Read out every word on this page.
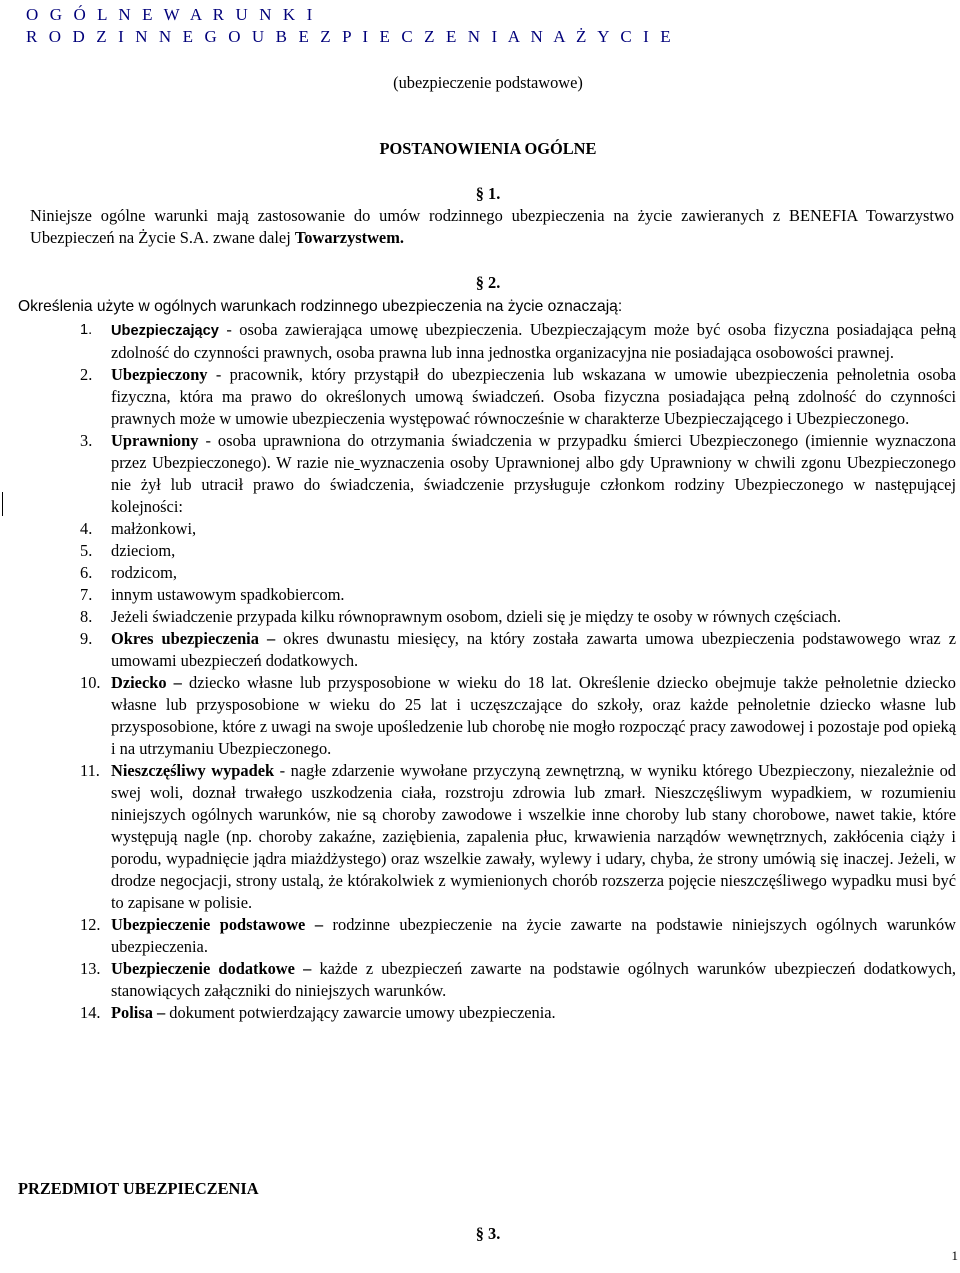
O G Ó L N E W A R U N K I
R O D Z I N N E G O U B E Z P I E C Z E N I A N A Ż Y C I E
(ubezpieczenie podstawowe)
POSTANOWIENIA OGÓLNE
§ 1.
Niniejsze ogólne warunki mają zastosowanie do umów rodzinnego ubezpieczenia na życie zawieranych z BENEFIA Towarzystwo Ubezpieczeń na Życie S.A. zwane dalej Towarzystwem.
§ 2.
Określenia użyte w ogólnych warunkach rodzinnego ubezpieczenia na życie oznaczają:
1. Ubezpieczający - osoba zawierająca umowę ubezpieczenia. Ubezpieczającym może być osoba fizyczna posiadająca pełną zdolność do czynności prawnych, osoba prawna lub inna jednostka organizacyjna nie posiadająca osobowości prawnej.
2. Ubezpieczony - pracownik, który przystąpił do ubezpieczenia lub wskazana w umowie ubezpieczenia pełnoletnia osoba fizyczna, która ma prawo do określonych umową świadczeń. Osoba fizyczna posiadająca pełną zdolność do czynności prawnych może w umowie ubezpieczenia występować równocześnie w charakterze Ubezpieczającego i Ubezpieczonego.
3. Uprawniony - osoba uprawniona do otrzymania świadczenia w przypadku śmierci Ubezpieczonego (imiennie wyznaczona przez Ubezpieczonego). W razie nie wyznaczenia osoby Uprawnionej albo gdy Uprawniony w chwili zgonu Ubezpieczonego nie żył lub utracił prawo do świadczenia, świadczenie przysługuje członkom rodziny Ubezpieczonego w następującej kolejności:
4. małżonkowi,
5. dzieciom,
6. rodzicom,
7. innym ustawowym spadkobiercom.
8. Jeżeli świadczenie przypada kilku równoprawnym osobom, dzieli się je między te osoby w równych częściach.
9. Okres ubezpieczenia – okres dwunastu miesięcy, na który została zawarta umowa ubezpieczenia podstawowego wraz z umowami ubezpieczeń dodatkowych.
10. Dziecko – dziecko własne lub przysposobione w wieku do 18 lat. Określenie dziecko obejmuje także pełnoletnie dziecko własne lub przysposobione w wieku do 25 lat i uczęszczające do szkoły, oraz każde pełnoletnie dziecko własne lub przysposobione, które z uwagi na swoje upośledzenie lub chorobę nie mogło rozpocząć pracy zawodowej i pozostaje pod opieką i na utrzymaniu Ubezpieczonego.
11. Nieszczęśliwy wypadek - nagłe zdarzenie wywołane przyczyną zewnętrzną, w wyniku którego Ubezpieczony, niezależnie od swej woli, doznał trwałego uszkodzenia ciała, rozstroju zdrowia lub zmarł. Nieszczęśliwym wypadkiem, w rozumieniu niniejszych ogólnych warunków, nie są choroby zawodowe i wszelkie inne choroby lub stany chorobowe, nawet takie, które występują nagle (np. choroby zakaźne, zaziębienia, zapalenia płuc, krwawienia narządów wewnętrznych, zakłócenia ciąży i porodu, wypadnięcie jądra miażdżystego) oraz wszelkie zawały, wylewy i udary, chyba, że strony umówią się inaczej. Jeżeli, w drodze negocjacji, strony ustalą, że którakolwiek z wymienionych chorób rozszerza pojęcie nieszczęśliwego wypadku musi być to zapisane w polisie.
12. Ubezpieczenie podstawowe – rodzinne ubezpieczenie na życie zawarte na podstawie niniejszych ogólnych warunków ubezpieczenia.
13. Ubezpieczenie dodatkowe – każde z ubezpieczeń zawarte na podstawie ogólnych warunków ubezpieczeń dodatkowych, stanowiących załączniki do niniejszych warunków.
14. Polisa – dokument potwierdzający zawarcie umowy ubezpieczenia.
PRZEDMIOT UBEZPIECZENIA
§ 3.
1
